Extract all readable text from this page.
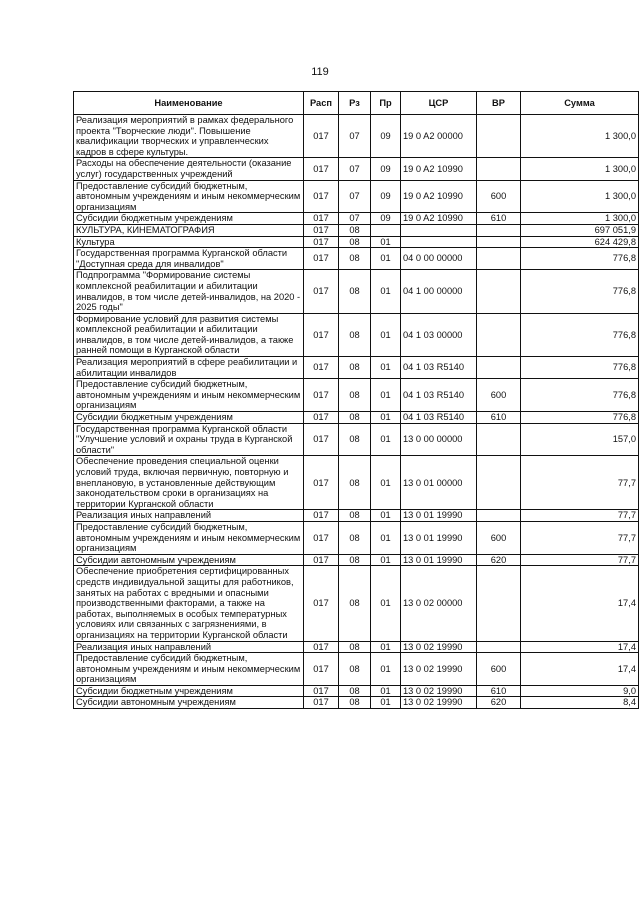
119
Наименование	Расп	Рз	Пр	ЦСР	ВР	Сумма
Реализация мероприятий в рамках федерального проекта "Творческие люди". Повышение квалификации творческих и управленческих кадров в сфере культуры.	017	07	09	19 0 A2 00000		1 300,0
Расходы на обеспечение деятельности (оказание услуг) государственных учреждений	017	07	09	19 0 A2 10990		1 300,0
Предоставление субсидий бюджетным, автономным учреждениям и иным некоммерческим организациям	017	07	09	19 0 A2 10990	600	1 300,0
Субсидии бюджетным учреждениям	017	07	09	19 0 A2 10990	610	1 300,0
КУЛЬТУРА, КИНЕМАТОГРАФИЯ	017	08				697 051,9
Культура	017	08	01			624 429,8
Государственная программа Курганской области "Доступная среда для инвалидов"	017	08	01	04 0 00 00000		776,8
Подпрограмма "Формирование системы комплексной реабилитации и абилитации инвалидов, в том числе детей-инвалидов, на 2020 - 2025 годы"	017	08	01	04 1 00 00000		776,8
Формирование условий для развития системы комплексной реабилитации и абилитации инвалидов, в том числе детей-инвалидов, а также ранней помощи в Курганской области	017	08	01	04 1 03 00000		776,8
Реализация мероприятий в сфере реабилитации и абилитации инвалидов	017	08	01	04 1 03 R5140		776,8
Предоставление субсидий бюджетным, автономным учреждениям и иным некоммерческим организациям	017	08	01	04 1 03 R5140	600	776,8
Субсидии бюджетным учреждениям	017	08	01	04 1 03 R5140	610	776,8
Государственная программа Курганской области "Улучшение условий и охраны труда в Курганской области"	017	08	01	13 0 00 00000		157,0
Обеспечение проведения специальной оценки условий труда, включая первичную, повторную и внеплановую, в установленные действующим законодательством сроки в организациях на территории Курганской области	017	08	01	13 0 01 00000		77,7
Реализация иных направлений	017	08	01	13 0 01 19990		77,7
Предоставление субсидий бюджетным, автономным учреждениям и иным некоммерческим организациям	017	08	01	13 0 01 19990	600	77,7
Субсидии автономным учреждениям	017	08	01	13 0 01 19990	620	77,7
Обеспечение приобретения сертифицированных средств индивидуальной защиты для работников, занятых на работах с вредными и опасными производственными факторами, а также на работах, выполняемых в особых температурных условиях или связанных с загрязнениями, в организациях на территории Курганской области	017	08	01	13 0 02 00000		17,4
Реализация иных направлений	017	08	01	13 0 02 19990		17,4
Предоставление субсидий бюджетным, автономным учреждениям и иным некоммерческим организациям	017	08	01	13 0 02 19990	600	17,4
Субсидии бюджетным учреждениям	017	08	01	13 0 02 19990	610	9,0
Субсидии автономным учреждениям	017	08	01	13 0 02 19990	620	8,4
